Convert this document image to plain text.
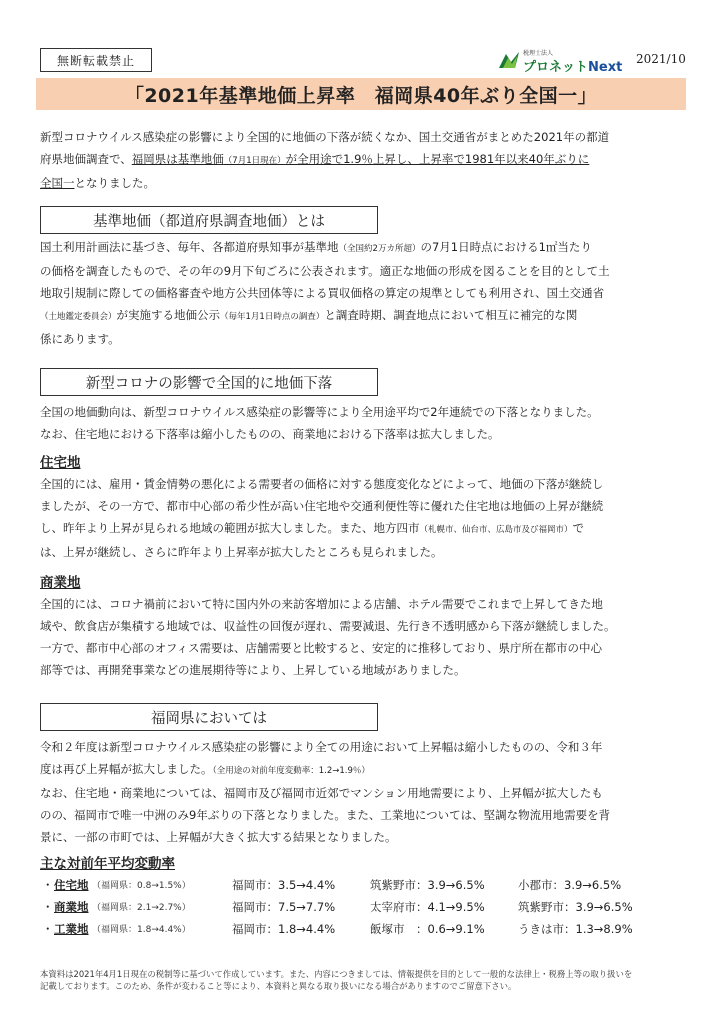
無断転載禁止	税理士法人
プロネットNext
2021/10
「2021年基準地価上昇率　福岡県40年ぶり全国一」
新型コロナウイルス感染症の影響により全国的に地価の下落が続くなか、国土交通省がまとめた2021年の都道
府県地価調査で、福岡県は基準地価（7月1日現在）が全用途で1.9％上昇し、上昇率で1981年以来40年ぶりに
全国一となりました。
基準地価（都道府県調査地価）とは
国土利用計画法に基づき、毎年、各都道府県知事が基準地（全国約2万カ所超）の7月1日時点における1㎡当たり
の価格を調査したもので、その年の9月下旬ごろに公表されます。適正な地価の形成を図ることを目的として土
地取引規制に際しての価格審査や地方公共団体等による買収価格の算定の規準としても利用され、国土交通省
（土地鑑定委員会）が実施する地価公示（毎年1月1日時点の調査）と調査時期、調査地点において相互に補完的な関
係にあります。
新型コロナの影響で全国的に地価下落
全国の地価動向は、新型コロナウイルス感染症の影響等により全用途平均で2年連続での下落となりました。
なお、住宅地における下落率は縮小したものの、商業地における下落率は拡大しました。
住宅地
全国的には、雇用・賃金情勢の悪化による需要者の価格に対する態度変化などによって、地価の下落が継続し
ましたが、その一方で、都市中心部の希少性が高い住宅地や交通利便性等に優れた住宅地は地価の上昇が継続
し、昨年より上昇が見られる地域の範囲が拡大しました。また、地方四市（札幌市、仙台市、広島市及び福岡市）で
は、上昇が継続し、さらに昨年より上昇率が拡大したところも見られました。
商業地
全国的には、コロナ禍前において特に国内外の来訪客増加による店舗、ホテル需要でこれまで上昇してきた地
域や、飲食店が集積する地域では、収益性の回復が遅れ、需要減退、先行き不透明感から下落が継続しました。
一方で、都市中心部のオフィス需要は、店舗需要と比較すると、安定的に推移しており、県庁所在都市の中心
部等では、再開発事業などの進展期待等により、上昇している地域がありました。
福岡県においては
令和２年度は新型コロナウイルス感染症の影響により全ての用途において上昇幅は縮小したものの、令和３年
度は再び上昇幅が拡大しました。（全用途の対前年度変動率：1.2→1.9％）
なお、住宅地・商業地については、福岡市及び福岡市近郊でマンション用地需要により、上昇幅が拡大したも
のの、福岡市で唯一中洲のみ9年ぶりの下落となりました。また、工業地については、堅調な物流用地需要を背
景に、一部の市町では、上昇幅が大きく拡大する結果となりました。
主な対前年平均変動率
・ 住宅地 （福岡県：0.8→1.5%）	福岡市：3.5→4.4%	筑紫野市：3.9→6.5%	小郡市：3.9→6.5%
・ 商業地 （福岡県：2.1→2.7%）	福岡市：7.5→7.7%	太宰府市：4.1→9.5%	筑紫野市：3.9→6.5%
・ 工業地 （福岡県：1.8→4.4%）	福岡市：1.8→4.4%	飯塚市　：0.6→9.1%	うきは市：1.3→8.9%
本資料は2021年4月1日現在の税制等に基づいて作成しています。また、内容につきましては、情報提供を目的として一般的な法律上・税務上等の取り扱いを
記載しております。このため、条件が変わること等により、本資料と異なる取り扱いになる場合がありますのでご留意下さい。
